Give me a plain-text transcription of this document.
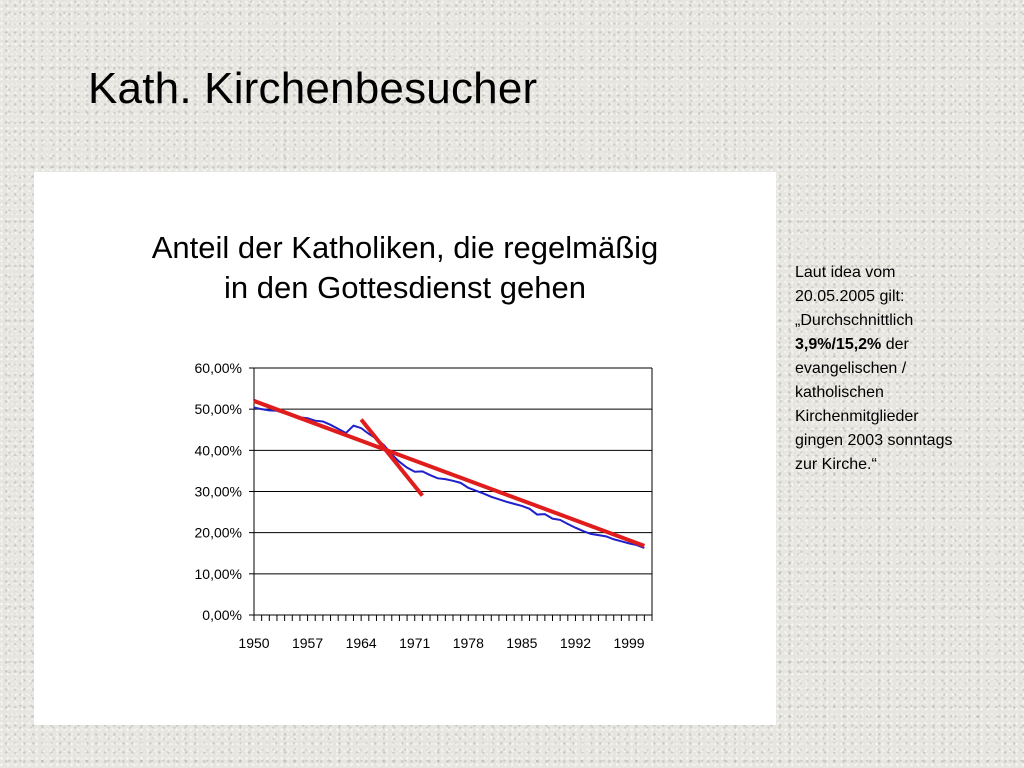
Kath. Kirchenbesucher
Anteil der Katholiken, die regelmäßig
in den Gottesdienst gehen
0,00%
10,00%
20,00%
30,00%
40,00%
50,00%
60,00%
1950 1957 1964 1971 1978 1985 1992 1999
Laut idea vom
20.05.2005 gilt:
„Durchschnittlich
3,9%/15,2% der
evangelischen /
katholischen
Kirchenmitglieder
gingen 2003 sonntags
zur Kirche.“
